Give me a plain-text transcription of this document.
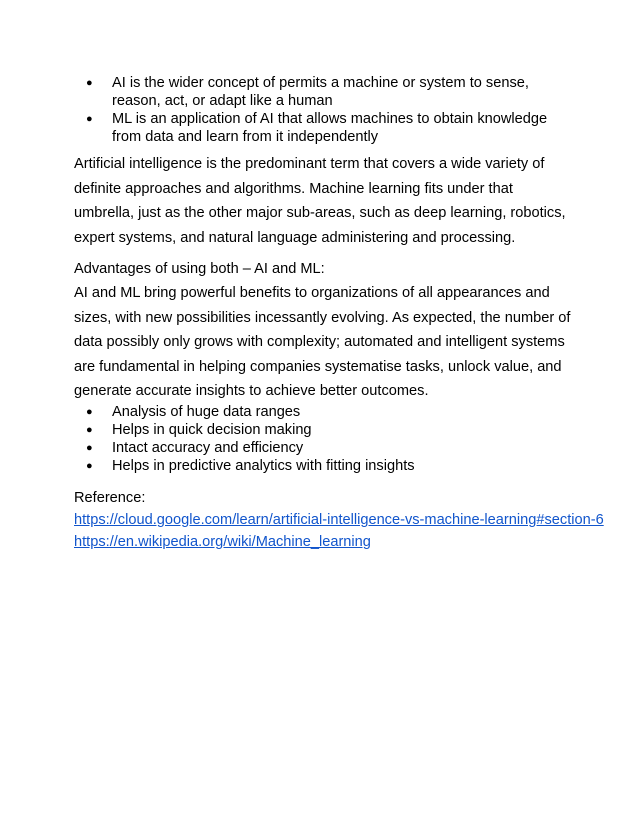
● AI is the wider concept of permits a machine or system to sense, reason, act, or adapt like a human
● ML is an application of AI that allows machines to obtain knowledge from data and learn from it independently

Artificial intelligence is the predominant term that covers a wide variety of definite approaches and algorithms. Machine learning fits under that umbrella, just as the other major sub-areas, such as deep learning, robotics, expert systems, and natural language administering and processing.

Advantages of using both – AI and ML:

AI and ML bring powerful benefits to organizations of all appearances and sizes, with new possibilities incessantly evolving. As expected, the number of data possibly only grows with complexity; automated and intelligent systems are fundamental in helping companies systematise tasks, unlock value, and generate accurate insights to achieve better outcomes.

● Analysis of huge data ranges
● Helps in quick decision making
● Intact accuracy and efficiency
● Helps in predictive analytics with fitting insights

Reference:

https://cloud.google.com/learn/artificial-intelligence-vs-machine-learning#section-6
https://en.wikipedia.org/wiki/Machine_learning
